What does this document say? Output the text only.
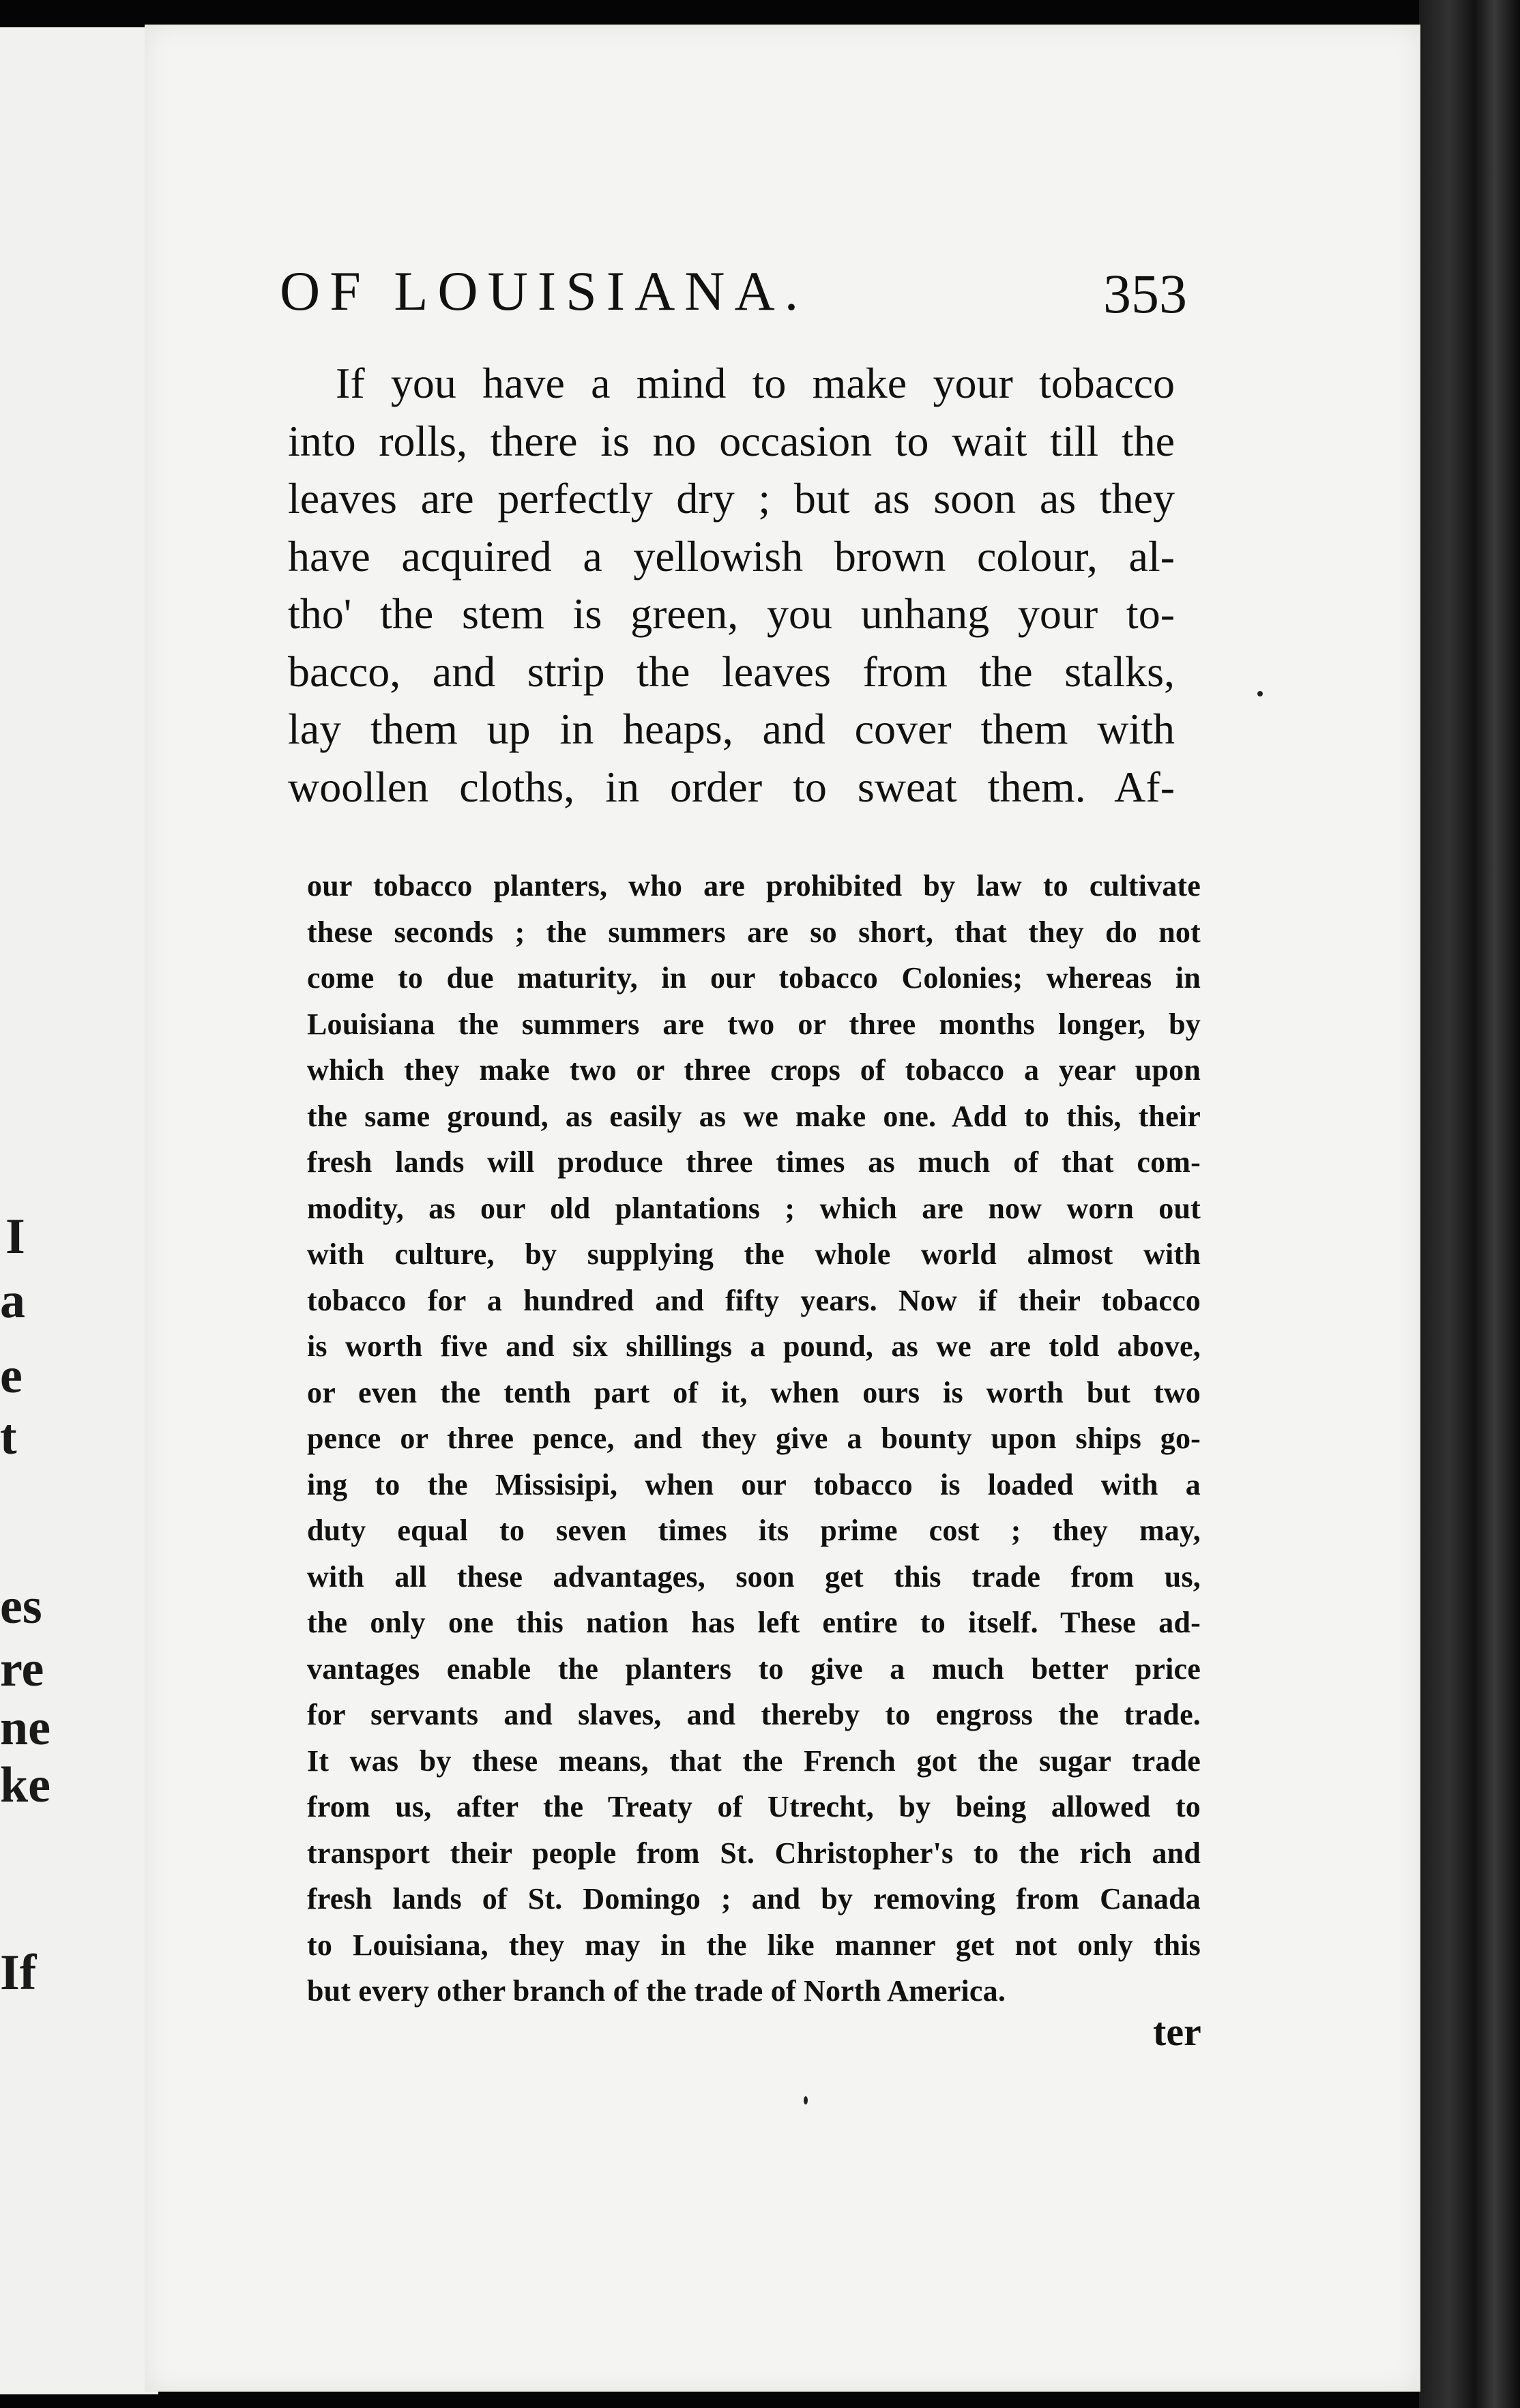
I
a
e
t
es
re
ne
ke
If
OF LOUISIANA.	353
If you have a mind to make your tobacco
into rolls, there is no occasion to wait till the
leaves are perfectly dry ; but as soon as they
have acquired a yellowish brown colour, al-
tho' the stem is green, you unhang your to-
bacco, and strip the leaves from the stalks,
lay them up in heaps, and cover them with
woollen cloths, in order to sweat them. Af-
our tobacco planters, who are prohibited by law to cultivate
these seconds ; the summers are so short, that they do not
come to due maturity, in our tobacco Colonies; whereas in
Louisiana the summers are two or three months longer, by
which they make two or three crops of tobacco a year upon
the same ground, as easily as we make one. Add to this, their
fresh lands will produce three times as much of that com-
modity, as our old plantations ; which are now worn out
with culture, by supplying the whole world almost with
tobacco for a hundred and fifty years. Now if their tobacco
is worth five and six shillings a pound, as we are told above,
or even the tenth part of it, when ours is worth but two
pence or three pence, and they give a bounty upon ships go-
ing to the Missisipi, when our tobacco is loaded with a
duty equal to seven times its prime cost ; they may,
with all these advantages, soon get this trade from us,
the only one this nation has left entire to itself. These ad-
vantages enable the planters to give a much better price
for servants and slaves, and thereby to engross the trade.
It was by these means, that the French got the sugar trade
from us, after the Treaty of Utrecht, by being allowed to
transport their people from St. Christopher's to the rich and
fresh lands of St. Domingo ; and by removing from Canada
to Louisiana, they may in the like manner get not only this
but every other branch of the trade of North America.
ter
